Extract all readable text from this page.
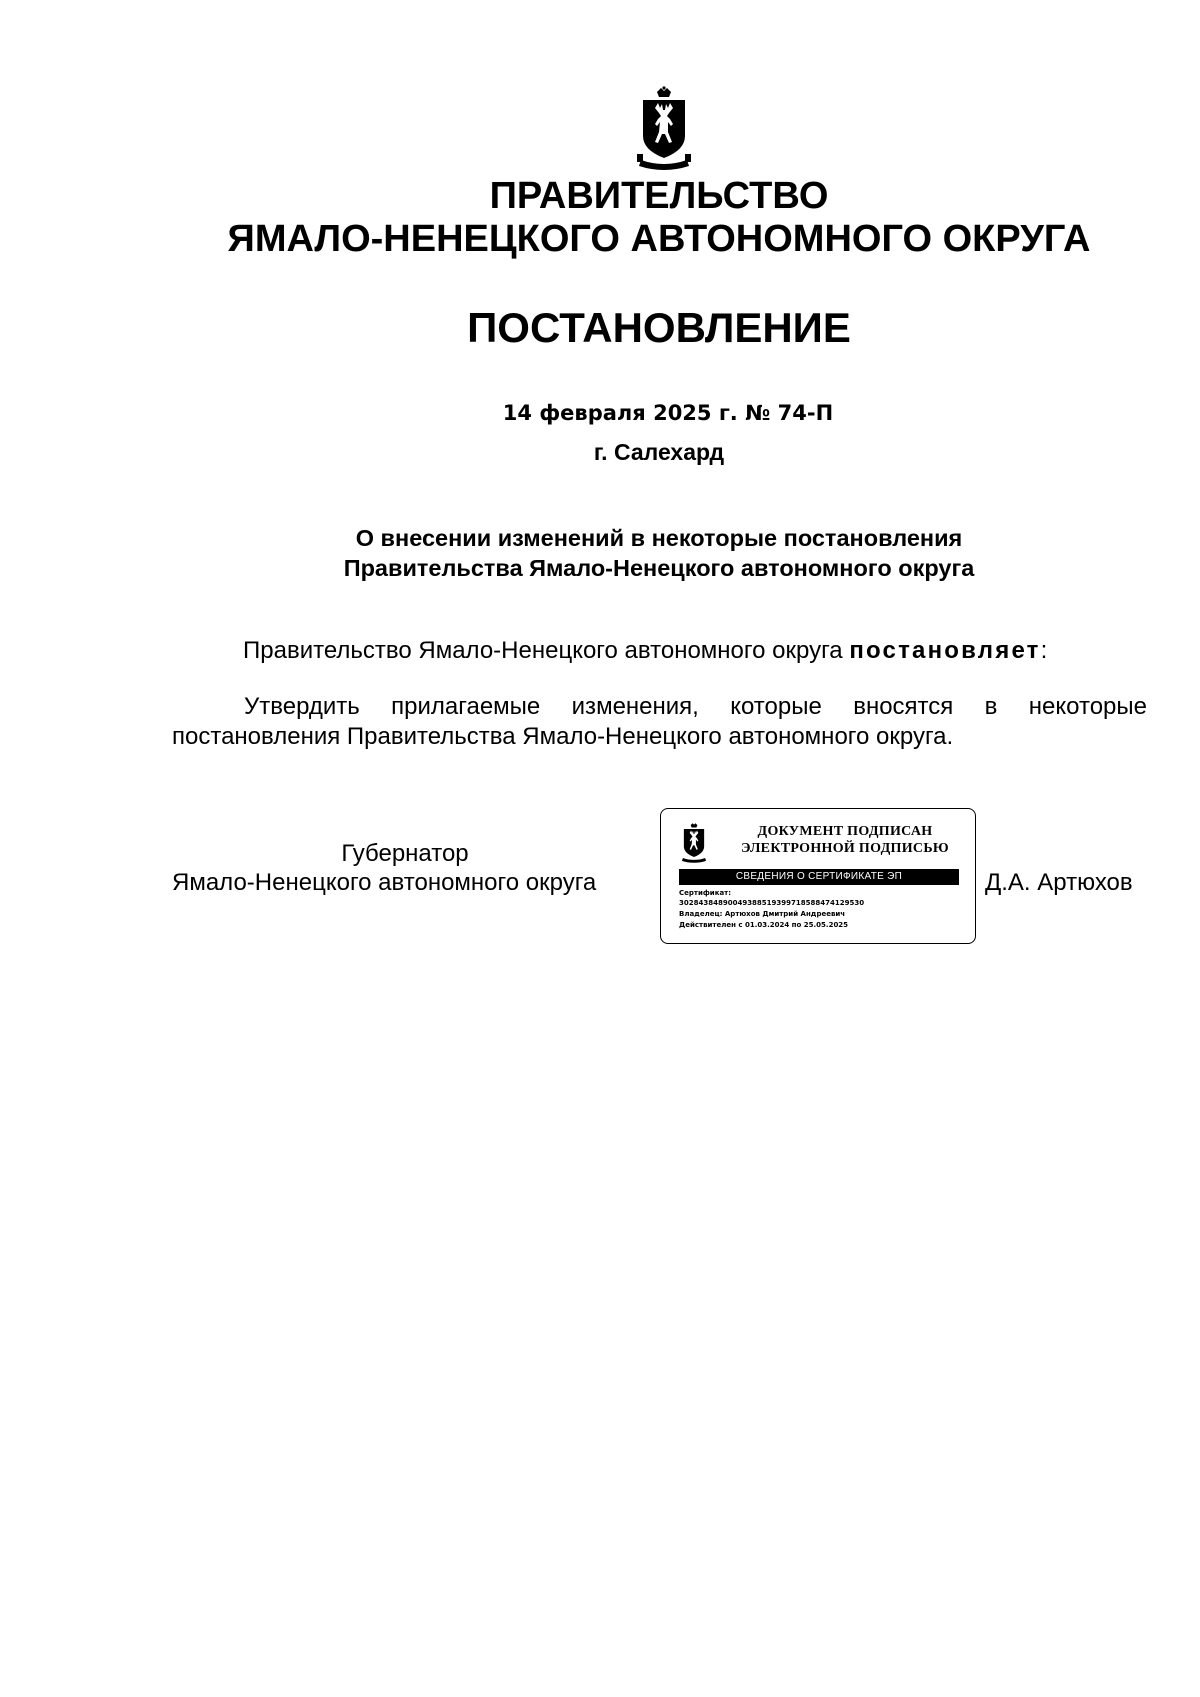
ПРАВИТЕЛЬСТВО
ЯМАЛО-НЕНЕЦКОГО АВТОНОМНОГО ОКРУГА
ПОСТАНОВЛЕНИЕ
14 февраля 2025 г. № 74-П
г. Салехард
О внесении изменений в некоторые постановления
Правительства Ямало-Ненецкого автономного округа
Правительство Ямало-Ненецкого автономного округа постановляет:
Утвердить прилагаемые изменения, которые вносятся в некоторые постановления Правительства Ямало-Ненецкого автономного округа.
Губернатор
Ямало-Ненецкого автономного округа
ДОКУМЕНТ ПОДПИСАН
ЭЛЕКТРОННОЙ ПОДПИСЬЮ
СВЕДЕНИЯ О СЕРТИФИКАТЕ ЭП
Сертификат:
30284384890049388519399718588474129530
Владелец: Артюхов Дмитрий Андреевич
Действителен с 01.03.2024 по 25.05.2025
Д.А. Артюхов
